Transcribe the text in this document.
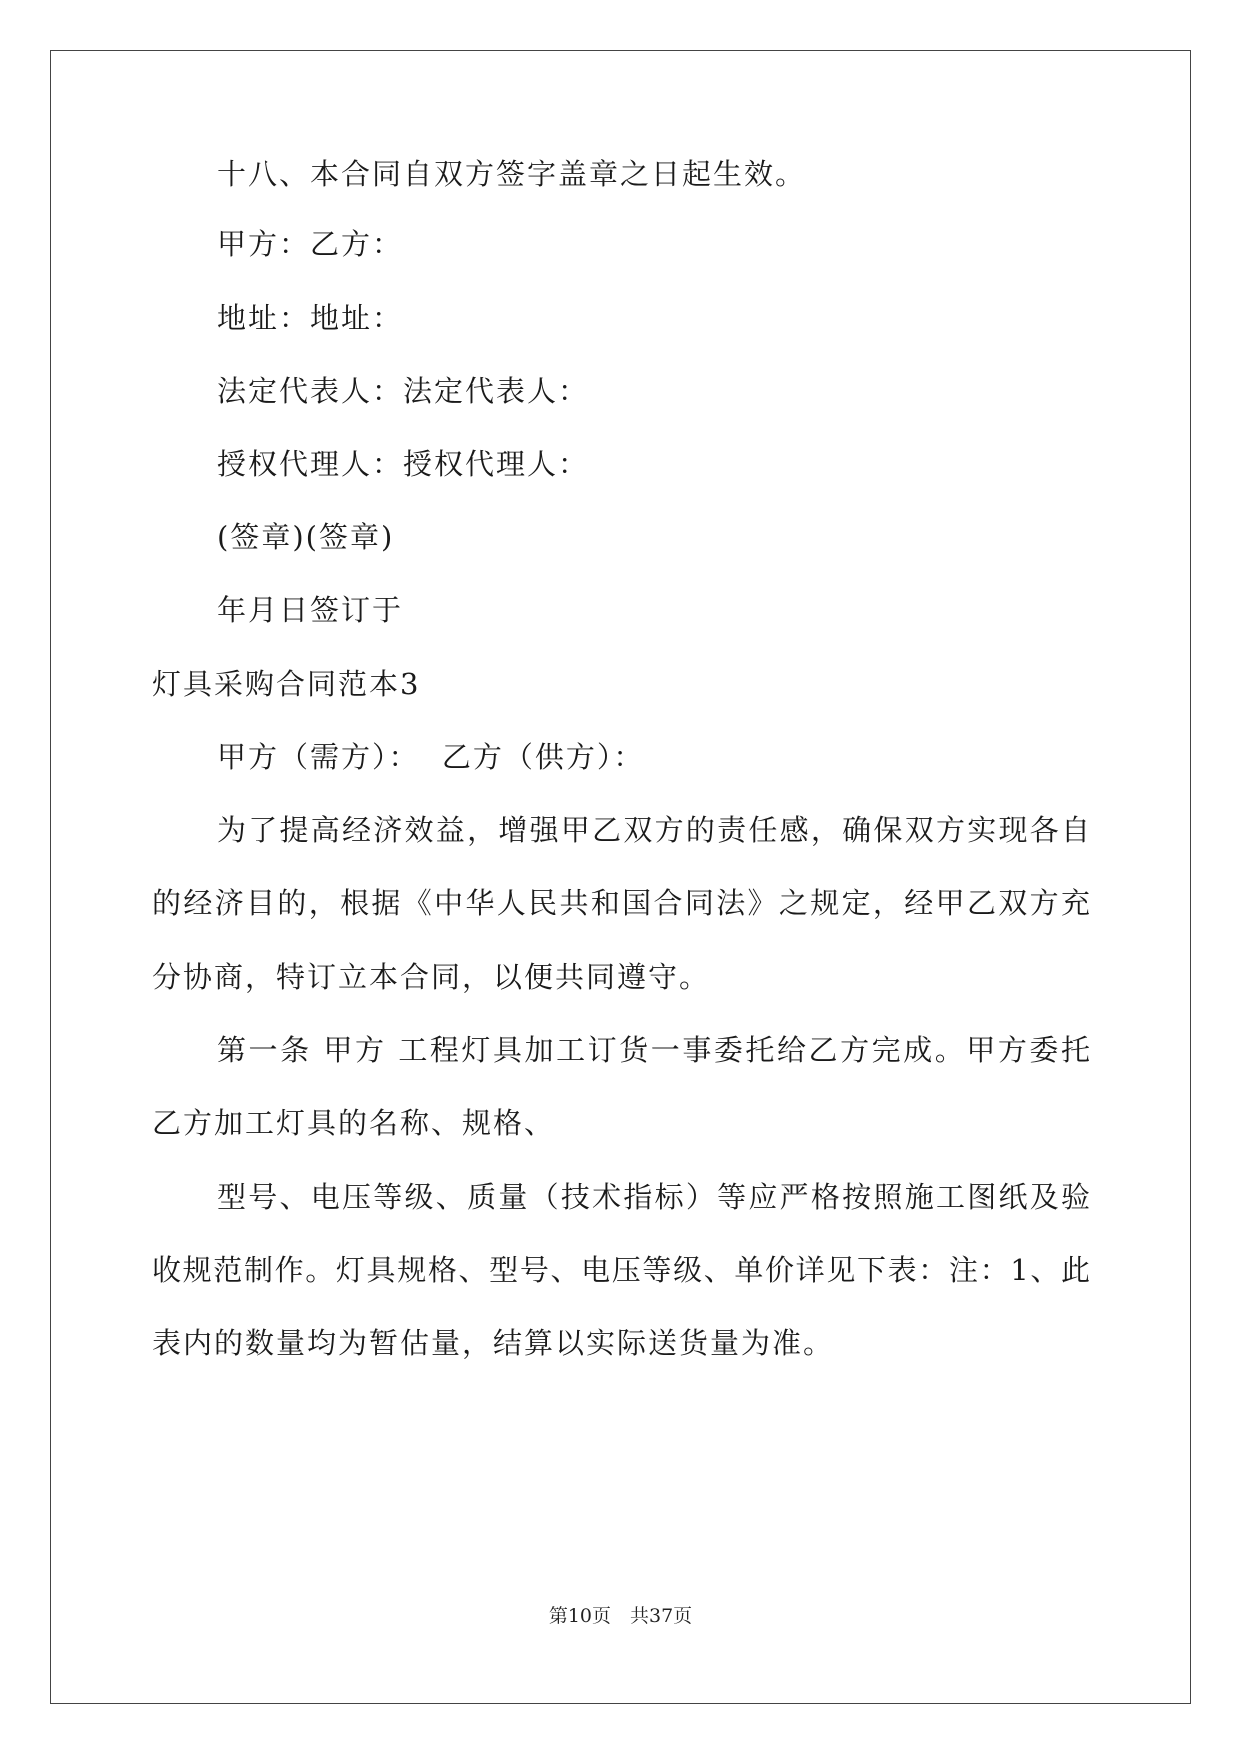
十八、本合同自双方签字盖章之日起生效。
甲方：乙方：
地址：地址：
法定代表人：法定代表人：
授权代理人：授权代理人：
(签章)(签章)
年月日签订于
灯具采购合同范本3
甲方（需方）：  乙方（供方）：
为了提高经济效益，增强甲乙双方的责任感，确保双方实现各自
的经济目的，根据《中华人民共和国合同法》之规定，经甲乙双方充
分协商，特订立本合同，以便共同遵守。
第一条 甲方 工程灯具加工订货一事委托给乙方完成。甲方委托
乙方加工灯具的名称、规格、
型号、电压等级、质量（技术指标）等应严格按照施工图纸及验
收规范制作。灯具规格、型号、电压等级、单价详见下表：注：1、此
表内的数量均为暂估量，结算以实际送货量为准。
第10页　共37页
